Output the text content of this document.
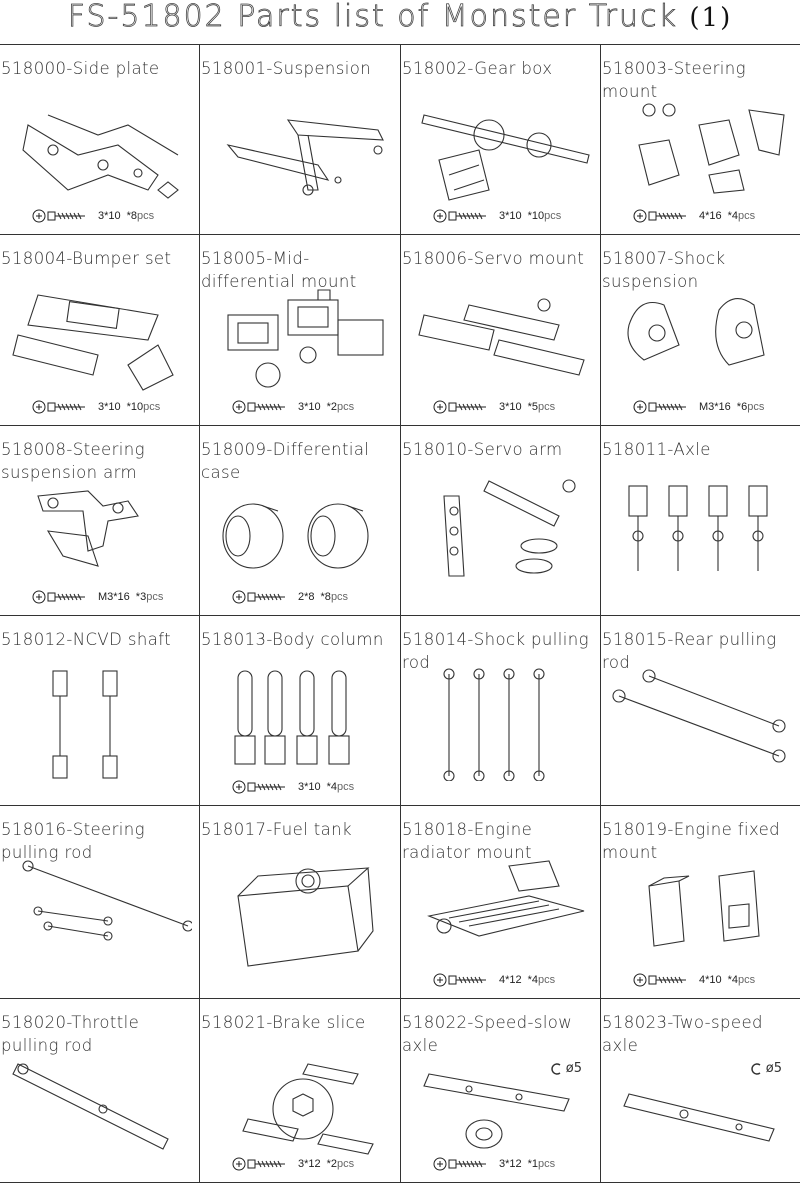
FS-51802 Parts list of Monster Truck (1)
518000-Side plate
3*10 *8pcs
518001-Suspension	518002-Gear box
3*10 *10pcs
518003-Steering mount
4*16 *4pcs
518004-Bumper set
3*10 *10pcs
518005-Mid-differential mount
3*10 *2pcs
518006-Servo mount
3*10 *5pcs
518007-Shock suspension
M3*16 *6pcs
518008-Steering suspension arm
M3*16 *3pcs
518009-Differential case
2*8 *8pcs
518010-Servo arm	518011-Axle
518012-NCVD shaft	518013-Body column
3*10 *4pcs
518014-Shock pulling rod
518015-Rear pulling rod
518016-Steering pulling rod
518017-Fuel tank	518018-Engine radiator mount
4*12 *4pcs
518019-Engine fixed mount
4*10 *4pcs
518020-Throttle pulling rod
518021-Brake slice
3*12 *2pcs
518022-Speed-slow axle
3*12 *1pcs
ø5
518023-Two-speed axle
ø5
